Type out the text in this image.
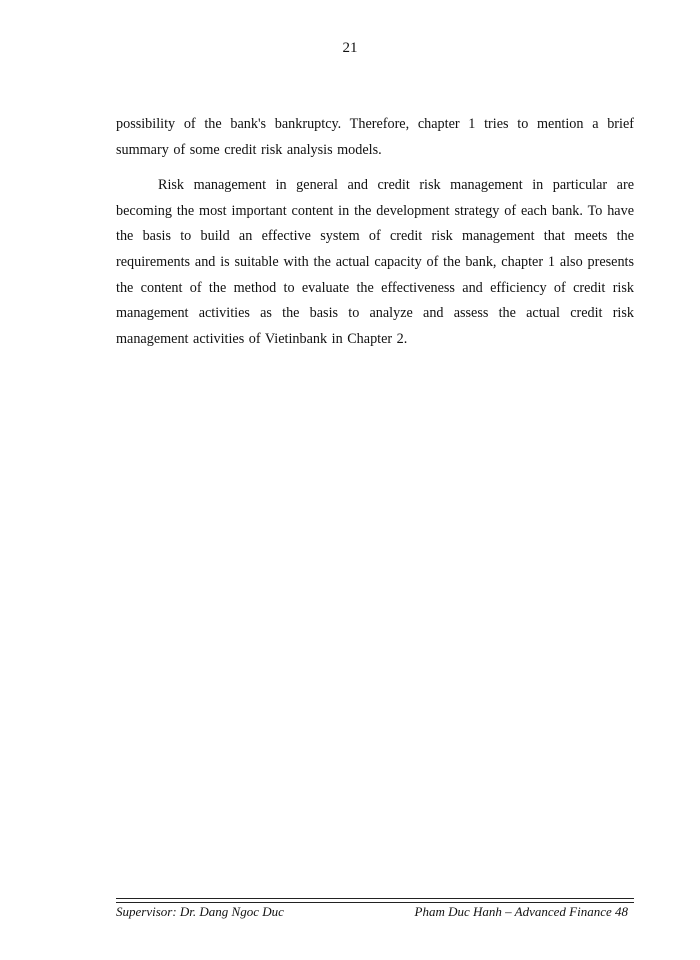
21

possibility of the bank's bankruptcy. Therefore, chapter 1 tries to mention a brief summary of some credit risk analysis models.

Risk management in general and credit risk management in particular are becoming the most important content in the development strategy of each bank. To have the basis to build an effective system of credit risk management that meets the requirements and is suitable with the actual capacity of the bank, chapter 1 also presents the content of the method to evaluate the effectiveness and efficiency of credit risk management activities as the basis to analyze and assess the actual credit risk management activities of Vietinbank in Chapter 2.

Supervisor: Dr. Dang Ngoc Duc	Pham Duc Hanh – Advanced Finance 48
